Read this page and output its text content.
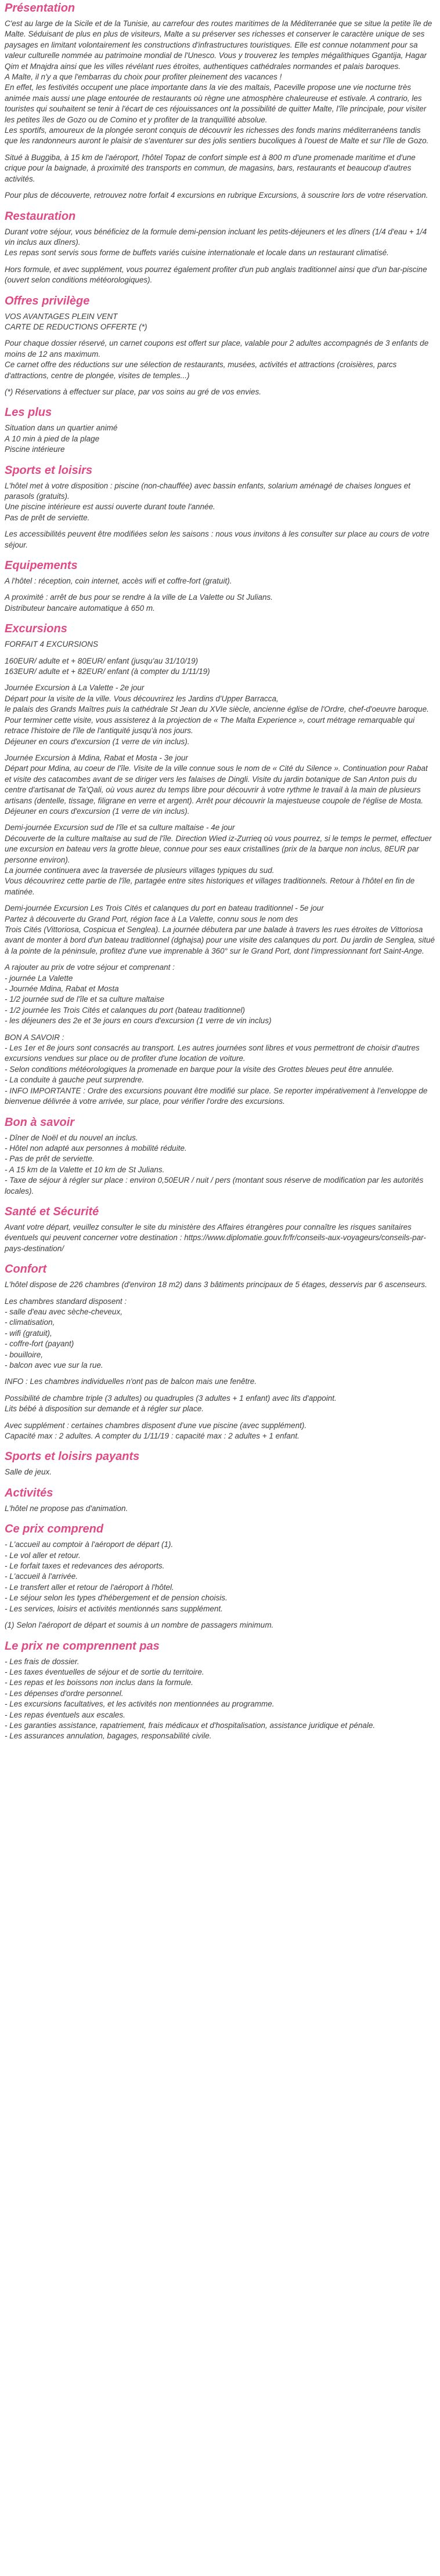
Présentation

C'est au large de la Sicile et de la Tunisie, au carrefour des routes maritimes de la Méditerranée que se situe la petite île de Malte. Séduisant de plus en plus de visiteurs, Malte a su préserver ses richesses et conserver le caractère unique de ses paysages en limitant volontairement les constructions d'infrastructures touristiques. Elle est connue notamment pour sa valeur culturelle nommée au patrimoine mondial de l'Unesco. Vous y trouverez les temples mégalithiques Ggantija, Hagar Qim et Mnajdra ainsi que les villes révélant rues étroites, authentiques cathédrales normandes et palais baroques.
A Malte, il n'y a que l'embarras du choix pour profiter pleinement des vacances !
En effet, les festivités occupent une place importante dans la vie des maltais, Paceville propose une vie nocturne très animée mais aussi une plage entourée de restaurants où règne une atmosphère chaleureuse et estivale. A contrario, les touristes qui souhaitent se tenir à l'écart de ces réjouissances ont la possibilité de quitter Malte, l'île principale, pour visiter les petites îles de Gozo ou de Comino et y profiter de la tranquillité absolue.
Les sportifs, amoureux de la plongée seront conquis de découvrir les richesses des fonds marins méditerranéens tandis que les randonneurs auront le plaisir de s'aventurer sur des jolis sentiers bucoliques à l'ouest de Malte et sur l'île de Gozo.

Situé à Buggiba, à 15 km de l'aéroport, l'hôtel Topaz de confort simple est à 800 m d'une promenade maritime et d'une crique pour la baignade, à proximité des transports en commun, de magasins, bars, restaurants et beaucoup d'autres activités.

Pour plus de découverte, retrouvez notre forfait 4 excursions en rubrique Excursions, à souscrire lors de votre réservation.

Restauration

Durant votre séjour, vous bénéficiez de la formule demi-pension incluant les petits-déjeuners et les dîners (1/4 d'eau + 1/4 vin inclus aux dîners).
Les repas sont servis sous forme de buffets variés cuisine internationale et locale dans un restaurant climatisé.

Hors formule, et avec supplément, vous pourrez également profiter d'un pub anglais traditionnel ainsi que d'un bar-piscine (ouvert selon conditions météorologiques).

Offres privilège

VOS AVANTAGES PLEIN VENT
CARTE DE REDUCTIONS OFFERTE (*)

Pour chaque dossier réservé, un carnet coupons est offert sur place, valable pour 2 adultes accompagnés de 3 enfants de moins de 12 ans maximum.
Ce carnet offre des réductions sur une sélection de restaurants, musées, activités et attractions (croisières, parcs d'attractions, centre de plongée, visites de temples...)

(*) Réservations à effectuer sur place, par vos soins au gré de vos envies.

Les plus

Situation dans un quartier animé
A 10 min à pied de la plage
Piscine intérieure

Sports et loisirs

L'hôtel met à votre disposition : piscine (non-chauffée) avec bassin enfants, solarium aménagé de chaises longues et parasols (gratuits).
Une piscine intérieure est aussi ouverte durant toute l'année.
Pas de prêt de serviette.

Les accessibilités peuvent être modifiées selon les saisons : nous vous invitons à les consulter sur place au cours de votre séjour.

Equipements

A l'hôtel : réception, coin internet, accès wifi et coffre-fort (gratuit).

A proximité : arrêt de bus pour se rendre à la ville de La Valette ou St Julians.
Distributeur bancaire automatique à 650 m.

Excursions

FORFAIT 4 EXCURSIONS

160EUR/ adulte et + 80EUR/ enfant (jusqu'au 31/10/19)
163EUR/ adulte et + 82EUR/ enfant (à compter du 1/11/19)

Journée Excursion à La Valette - 2e jour
Départ pour la visite de la ville. Vous découvrirez les Jardins d'Upper Barracca,
le palais des Grands Maîtres puis la cathédrale St Jean du XVIe siècle, ancienne église de l'Ordre, chef-d'oeuvre baroque. Pour terminer cette visite, vous assisterez à la projection de « The Malta Experience », court métrage remarquable qui retrace l'histoire de l'île de l'antiquité jusqu'à nos jours.
Déjeuner en cours d'excursion (1 verre de vin inclus).

Journée Excursion à Mdina, Rabat et Mosta - 3e jour
Départ pour Mdina, au coeur de l'île. Visite de la ville connue sous le nom de « Cité du Silence ». Continuation pour Rabat et visite des catacombes avant de se diriger vers les falaises de Dingli. Visite du jardin botanique de San Anton puis du centre d'artisanat de Ta'Qali, où vous aurez du temps libre pour découvrir à votre rythme le travail à la main de plusieurs artisans (dentelle, tissage, filigrane en verre et argent). Arrêt pour découvrir la majestueuse coupole de l'église de Mosta.
Déjeuner en cours d'excursion (1 verre de vin inclus).

Demi-journée Excursion sud de l'île et sa culture maltaise - 4e jour
Découverte de la culture maltaise au sud de l'île. Direction Wied iz-Zurrieq où vous pourrez, si le temps le permet, effectuer une excursion en bateau vers la grotte bleue, connue pour ses eaux cristallines (prix de la barque non inclus, 8EUR par personne environ).
La journée continuera avec la traversée de plusieurs villages typiques du sud.
Vous découvrirez cette partie de l'île, partagée entre sites historiques et villages traditionnels. Retour à l'hôtel en fin de matinée.

Demi-journée Excursion Les Trois Cités et calanques du port en bateau traditionnel - 5e jour
Partez à découverte du Grand Port, région face à La Valette, connu sous le nom des
Trois Cités (Vittoriosa, Cospicua et Senglea). La journée débutera par une balade à travers les rues étroites de Vittoriosa avant de monter à bord d'un bateau traditionnel (dghajsa) pour une visite des calanques du port. Du jardin de Senglea, situé à la pointe de la péninsule, profitez d'une vue imprenable à 360° sur le Grand Port, dont l'impressionnant fort Saint-Ange.

A rajouter au prix de votre séjour et comprenant :
- journée La Valette
- Journée Mdina, Rabat et Mosta
- 1/2 journée sud de l'île et sa culture maltaise
- 1/2 journée les Trois Cités et calanques du port (bateau traditionnel)
- les déjeuners des 2e et 3e jours en cours d'excursion (1 verre de vin inclus)

BON A SAVOIR :
- Les 1er et 8e jours sont consacrés au transport. Les autres journées sont libres et vous permettront de choisir d'autres excursions vendues sur place ou de profiter d'une location de voiture.
- Selon conditions météorologiques la promenade en barque pour la visite des Grottes bleues peut être annulée.
- La conduite à gauche peut surprendre.
- INFO IMPORTANTE : Ordre des excursions pouvant être modifié sur place. Se reporter impérativement à l'enveloppe de bienvenue délivrée à votre arrivée, sur place, pour vérifier l'ordre des excursions.

Bon à savoir

- Dîner de Noël et du nouvel an inclus.
- Hôtel non adapté aux personnes à mobilité réduite.
- Pas de prêt de serviette.
- A 15 km de la Valette et 10 km de St Julians.
- Taxe de séjour à régler sur place : environ 0,50EUR / nuit / pers (montant sous réserve de modification par les autorités locales).

Santé et Sécurité

Avant votre départ, veuillez consulter le site du ministère des Affaires étrangères pour connaître les risques sanitaires éventuels qui peuvent concerner votre destination : https://www.diplomatie.gouv.fr/fr/conseils-aux-voyageurs/conseils-par-pays-destination/

Confort

L'hôtel dispose de 226 chambres (d'environ 18 m2) dans 3 bâtiments principaux de 5 étages, desservis par 6 ascenseurs.

Les chambres standard disposent :
- salle d'eau avec sèche-cheveux,
- climatisation,
- wifi (gratuit),
- coffre-fort (payant)
- bouilloire,
- balcon avec vue sur la rue.

INFO : Les chambres individuelles n'ont pas de balcon mais une fenêtre.

Possibilité de chambre triple (3 adultes) ou quadruples (3 adultes + 1 enfant) avec lits d'appoint.
Lits bébé à disposition sur demande et à régler sur place.

Avec supplément : certaines chambres disposent d'une vue piscine (avec supplément).
Capacité max : 2 adultes. A compter du 1/11/19 : capacité max : 2 adultes + 1 enfant.

Sports et loisirs payants

Salle de jeux.

Activités

L'hôtel ne propose pas d'animation.

Ce prix comprend

- L'accueil au comptoir à l'aéroport de départ (1).
- Le vol aller et retour.
- Le forfait taxes et redevances des aéroports.
- L'accueil à l'arrivée.
- Le transfert aller et retour de l'aéroport à l'hôtel.
- Le séjour selon les types d'hébergement et de pension choisis.
- Les services, loisirs et activités mentionnés sans supplément.

(1) Selon l'aéroport de départ et soumis à un nombre de passagers minimum.

Le prix ne comprennent pas

- Les frais de dossier.
- Les taxes éventuelles de séjour et de sortie du territoire.
- Les repas et les boissons non inclus dans la formule.
- Les dépenses d'ordre personnel.
- Les excursions facultatives, et les activités non mentionnées au programme.
- Les repas éventuels aux escales.
- Les garanties assistance, rapatriement, frais médicaux et d'hospitalisation, assistance juridique et pénale.
- Les assurances annulation, bagages, responsabilité civile.
